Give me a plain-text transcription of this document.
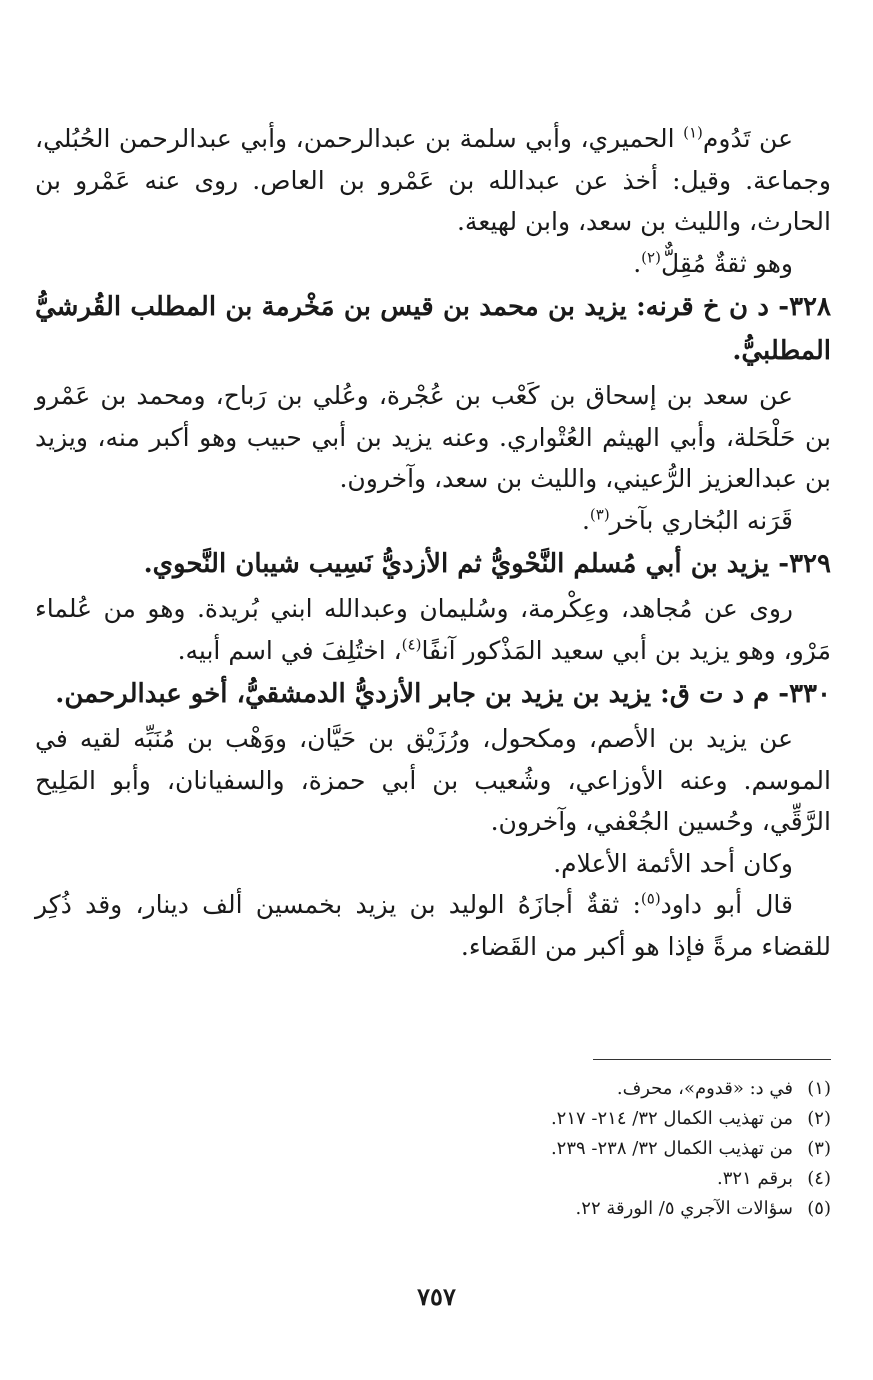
عن تَدُوم$^{(١)}$ الحميري، وأبي سلمة بن عبدالرحمن، وأبي عبدالرحمن الحُبُلي، وجماعة. وقيل: أخذ عن عبدالله بن عَمْرو بن العاص. روى عنه عَمْرو بن الحارث، والليث بن سعد، وابن لهيعة.

وهو ثقةٌ مُقِلٌّ$^{(٢)}$.

٣٢٨- د ن خ قرنه: يزيد بن محمد بن قيس بن مَخْرمة بن المطلب القُرشيُّ المطلبيُّ.

عن سعد بن إسحاق بن كَعْب بن عُجْرة، وعُلي بن رَباح، ومحمد بن عَمْرو بن حَلْحَلة، وأبي الهيثم العُتْواري. وعنه يزيد بن أبي حبيب وهو أكبر منه، ويزيد بن عبدالعزيز الرُّعيني، والليث بن سعد، وآخرون.

قَرَنه البُخاري بآخر$^{(٣)}$.

٣٢٩- يزيد بن أبي مُسلم النَّحْويُّ ثم الأزديُّ نَسِيب شيبان النَّحوي.

روى عن مُجاهد، وعِكْرمة، وسُليمان وعبدالله ابني بُريدة. وهو من عُلماء مَرْو، وهو يزيد بن أبي سعيد المَذْكور آنفًا$^{(٤)}$، اختُلِفَ في اسم أبيه.

٣٣٠- م د ت ق: يزيد بن يزيد بن جابر الأزديُّ الدمشقيُّ، أخو عبدالرحمن.

عن يزيد بن الأصم، ومكحول، ورُزَيْق بن حَيَّان، ووَهْب بن مُنَبِّه لقيه في الموسم. وعنه الأوزاعي، وشُعيب بن أبي حمزة، والسفيانان، وأبو المَلِيح الرَّقِّي، وحُسين الجُعْفي، وآخرون.

وكان أحد الأئمة الأعلام.

قال أبو داود$^{(٥)}$: ثقةٌ أجازَهُ الوليد بن يزيد بخمسين ألف دينار، وقد ذُكِر للقضاء مرةً فإذا هو أكبر من القَضاء.

(١)
في د: «قدوم»، محرف.
(٢)
من تهذيب الكمال ٣٢/ ٢١٤- ٢١٧.
(٣)
من تهذيب الكمال ٣٢/ ٢٣٨- ٢٣٩.
(٤)
برقم ٣٢١.
(٥)
سؤالات الآجري ٥/ الورقة ٢٢.
٧٥٧
